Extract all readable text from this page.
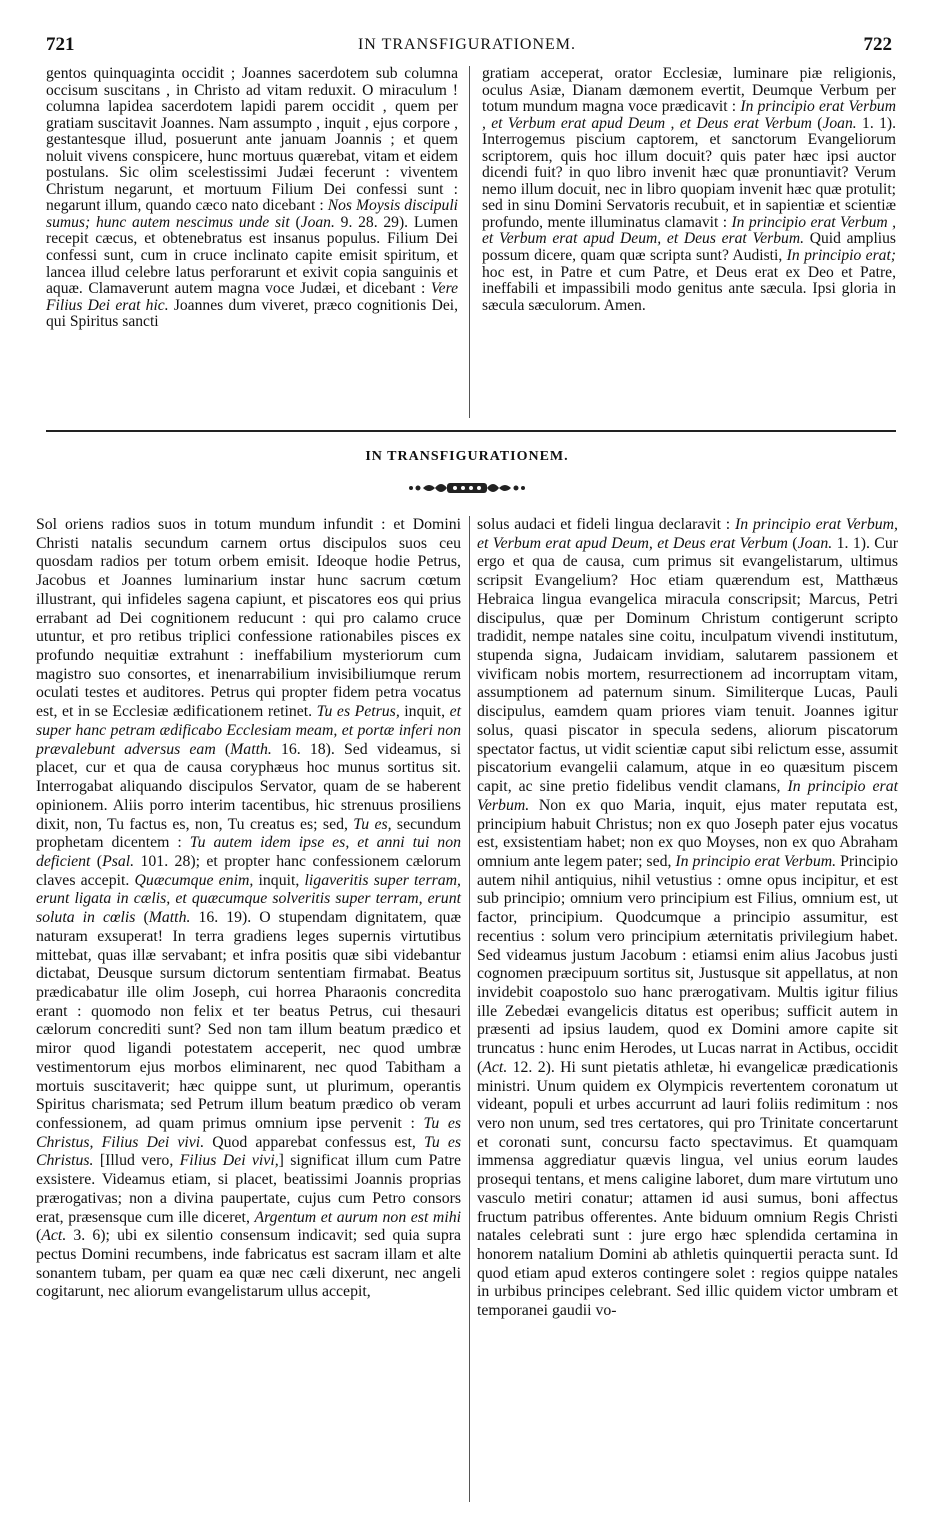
721	IN TRANSFIGURATIONEM.	722

gentos quinquaginta occidit ; Joannes sacerdotem sub columna occisum suscitans , in Christo ad vitam reduxit. O miraculum ! columna lapidea sacerdotem lapidi parem occidit , quem per gratiam suscitavit Joannes. Nam assumpto , inquit , ejus corpore , gestantesque illud, posuerunt ante januam Joannis ; et quem noluit vivens conspicere, hunc mortuus quærebat, vitam et eidem postulans. Sic olim scelestissimi Judæi fecerunt : viventem Christum negarunt, et mortuum Filium Dei confessi sunt : negarunt illum, quando cæco nato dicebant : Nos Moysis discipuli sumus; hunc autem nescimus unde sit (Joan. 9. 28. 29). Lumen recepit cæcus, et obtenebratus est insanus populus. Filium Dei confessi sunt, cum in cruce inclinato capite emisit spiritum, et lancea illud celebre latus perforarunt et exivit copia sanguinis et aquæ. Clamaverunt autem magna voce Judæi, et dicebant : Vere Filius Dei erat hic. Joannes dum viveret, præco cognitionis Dei, qui Spiritus sancti

gratiam acceperat, orator Ecclesiæ, luminare piæ religionis, oculus Asiæ, Dianam dæmonem evertit, Deumque Verbum per totum mundum magna voce prædicavit : In principio erat Verbum , et Verbum erat apud Deum , et Deus erat Verbum (Joan. 1. 1). Interrogemus piscium captorem, et sanctorum Evangeliorum scriptorem, quis hoc illum docuit? quis pater hæc ipsi auctor dicendi fuit? in quo libro invenit hæc quæ pronuntiavit? Verum nemo illum docuit, nec in libro quopiam invenit hæc quæ protulit; sed in sinu Domini Servatoris recubuit, et in sapientiæ et scientiæ profundo, mente illuminatus clamavit : In principio erat Verbum , et Verbum erat apud Deum, et Deus erat Verbum. Quid amplius possum dicere, quam quæ scripta sunt? Audisti, In principio erat; hoc est, in Patre et cum Patre, et Deus erat ex Deo et Patre, ineffabili et impassibili modo genitus ante sæcula. Ipsi gloria in sæcula sæculorum. Amen.

IN TRANSFIGURATIONEM.

Sol oriens radios suos in totum mundum infundit : et Domini Christi natalis secundum carnem ortus discipulos suos ceu quosdam radios per totum orbem emisit. Ideoque hodie Petrus, Jacobus et Joannes luminarium instar hunc sacrum cœtum illustrant, qui infideles sagena capiunt, et piscatores eos qui prius errabant ad Dei cognitionem reducunt : qui pro calamo cruce utuntur, et pro retibus triplici confessione rationabiles pisces ex profundo nequitiæ extrahunt : ineffabilium mysteriorum cum magistro suo consortes, et inenarrabilium invisibiliumque rerum oculati testes et auditores. Petrus qui propter fidem petra vocatus est, et in se Ecclesiæ ædificationem retinet. Tu es Petrus, inquit, et super hanc petram ædificabo Ecclesiam meam, et portæ inferi non prævalebunt adversus eam (Matth. 16. 18). Sed videamus, si placet, cur et qua de causa coryphæus hoc munus sortitus sit. Interrogabat aliquando discipulos Servator, quam de se haberent opinionem. Aliis porro interim tacentibus, hic strenuus prosiliens dixit, non, Tu factus es, non, Tu creatus es; sed, Tu es, secundum prophetam dicentem : Tu autem idem ipse es, et anni tui non deficient (Psal. 101. 28); et propter hanc confessionem cælorum claves accepit. Quæcumque enim, inquit, ligaveritis super terram, erunt ligata in cælis, et quæcumque solveritis super terram, erunt soluta in cœlis (Matth. 16. 19). O stupendam dignitatem, quæ naturam exsuperat! In terra gradiens leges supernis virtutibus mittebat, quas illæ servabant; et infra positis quæ sibi videbantur dictabat, Deusque sursum dictorum sententiam firmabat. Beatus prædicabatur ille olim Joseph, cui horrea Pharaonis concredita erant : quomodo non felix et ter beatus Petrus, cui thesauri cælorum concrediti sunt? Sed non tam illum beatum prædico et miror quod ligandi potestatem acceperit, nec quod umbræ vestimentorum ejus morbos eliminarent, nec quod Tabitham a mortuis suscitaverit; hæc quippe sunt, ut plurimum, operantis Spiritus charismata; sed Petrum illum beatum prædico ob veram confessionem, ad quam primus omnium ipse pervenit : Tu es Christus, Filius Dei vivi. Quod apparebat confessus est, Tu es Christus. [Illud vero, Filius Dei vivi,] significat illum cum Patre exsistere. Videamus etiam, si placet, beatissimi Joannis proprias prærogativas; non a divina paupertate, cujus cum Petro consors erat, præsensque cum ille diceret, Argentum et aurum non est mihi (Act. 3. 6); ubi ex silentio consensum indicavit; sed quia supra pectus Domini recumbens, inde fabricatus est sacram illam et alte sonantem tubam, per quam ea quæ nec cæli dixerunt, nec angeli cogitarunt, nec aliorum evangelistarum ullus accepit,

solus audaci et fideli lingua declaravit : In principio erat Verbum, et Verbum erat apud Deum, et Deus erat Verbum (Joan. 1. 1). Cur ergo et qua de causa, cum primus sit evangelistarum, ultimus scripsit Evangelium? Hoc etiam quærendum est, Matthæus Hebraica lingua evangelica miracula conscripsit; Marcus, Petri discipulus, quæ per Dominum Christum contigerunt scripto tradidit, nempe natales sine coitu, inculpatum vivendi institutum, stupenda signa, Judaicam invidiam, salutarem passionem et vivificam nobis mortem, resurrectionem ad incorruptam vitam, assumptionem ad paternum sinum. Similiterque Lucas, Pauli discipulus, eamdem quam priores viam tenuit. Joannes igitur solus, quasi piscator in specula sedens, aliorum piscatorum spectator factus, ut vidit scientiæ caput sibi relictum esse, assumit piscatorium evangelii calamum, atque in eo quæsitum piscem capit, ac sine pretio fidelibus vendit clamans, In principio erat Verbum. Non ex quo Maria, inquit, ejus mater reputata est, principium habuit Christus; non ex quo Joseph pater ejus vocatus est, exsistentiam habet; non ex quo Moyses, non ex quo Abraham omnium ante legem pater; sed, In principio erat Verbum. Principio autem nihil antiquius, nihil vetustius : omne opus incipitur, et est sub principio; omnium vero principium est Filius, omnium est, ut factor, principium. Quodcumque a principio assumitur, est recentius : solum vero principium æternitatis privilegium habet. Sed videamus justum Jacobum : etiamsi enim alius Jacobus justi cognomen præcipuum sortitus sit, Justusque sit appellatus, at non invidebit coapostolo suo hanc prærogativam. Multis igitur filius ille Zebedæi evangelicis ditatus est operibus; sufficit autem in præsenti ad ipsius laudem, quod ex Domini amore capite sit truncatus : hunc enim Herodes, ut Lucas narrat in Actibus, occidit (Act. 12. 2). Hi sunt pietatis athletæ, hi evangelicæ prædicationis ministri. Unum quidem ex Olympicis revertentem coronatum ut videant, populi et urbes accurrunt ad lauri foliis redimitum : nos vero non unum, sed tres certatores, qui pro Trinitate concertarunt et coronati sunt, concursu facto spectavimus. Et quamquam immensa aggrediatur quævis lingua, vel unius eorum laudes prosequi tentans, et mens caligine laboret, dum mare virtutum uno vasculo metiri conatur; attamen id ausi sumus, boni affectus fructum patribus offerentes. Ante biduum omnium Regis Christi natales celebrati sunt : jure ergo hæc splendida certamina in honorem natalium Domini ab athletis quinquertii peracta sunt. Id quod etiam apud exteros contingere solet : regios quippe natales in urbibus principes celebrant. Sed illic quidem victor umbram et temporanei gaudii vo-
